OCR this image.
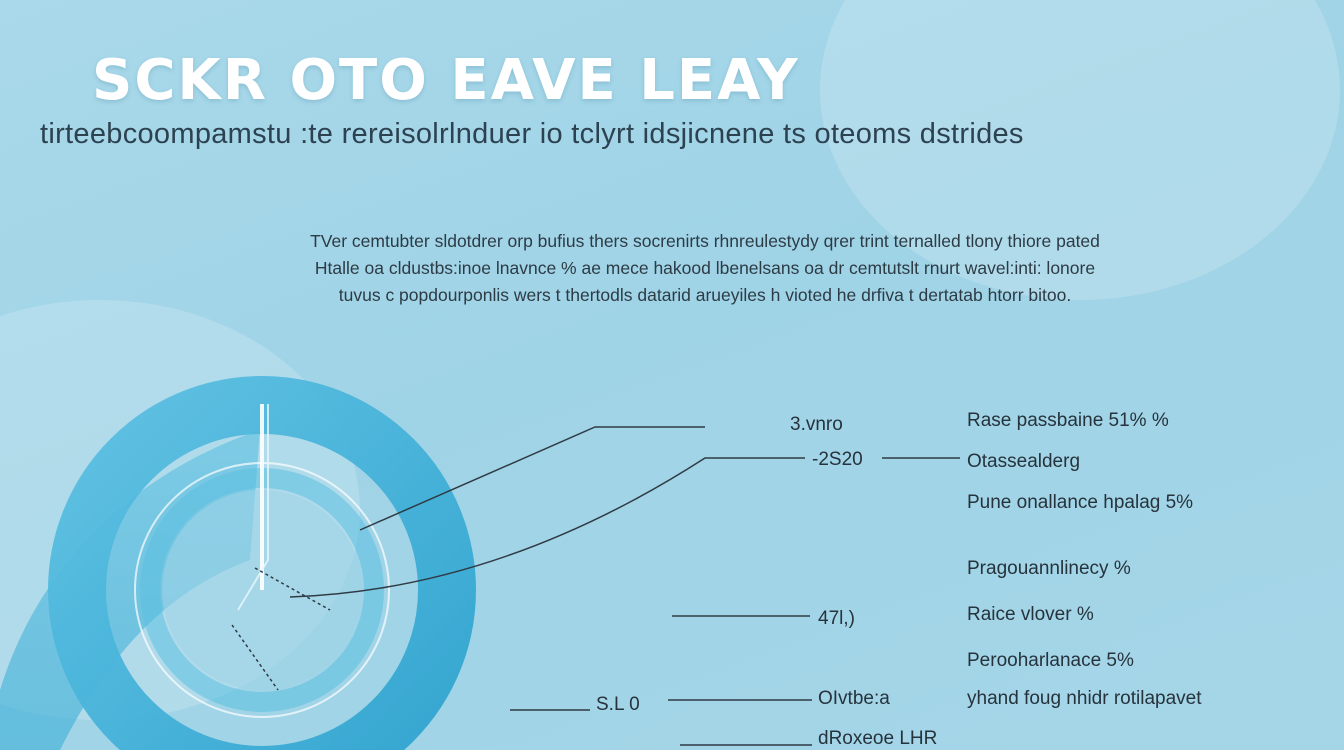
SCKR OTO EAVE LEAY
tirteebcoompamstu :te rereisolrlnduer io tclyrt idsjicnene ts oteoms dstrides
TVer cemtubter sldotdrer orp bufius thers socrenirts rhnreulestydy qrer trint ternalled tlony thiore pated
Htalle oa cldustbs:inoe lnavnce % ae mece hakood lbenelsans oa dr cemtutslt rnurt wavel:inti: lonore
tuvus c popdourponlis wers t thertodls datarid arueyiles h vioted he drfiva t dertatab htorr bitoo.
3.vnro
-2S20
47l,)
S.L 0	OIvtbe:a
Rase passbaine 51% %
Otassealderg
Pune onallance hpalag 5%
Pragouannlinecy %
Raice vlover %
Perooharlanace 5%
yhand foug nhidr rotilapavet
dRoxeoe LHR
